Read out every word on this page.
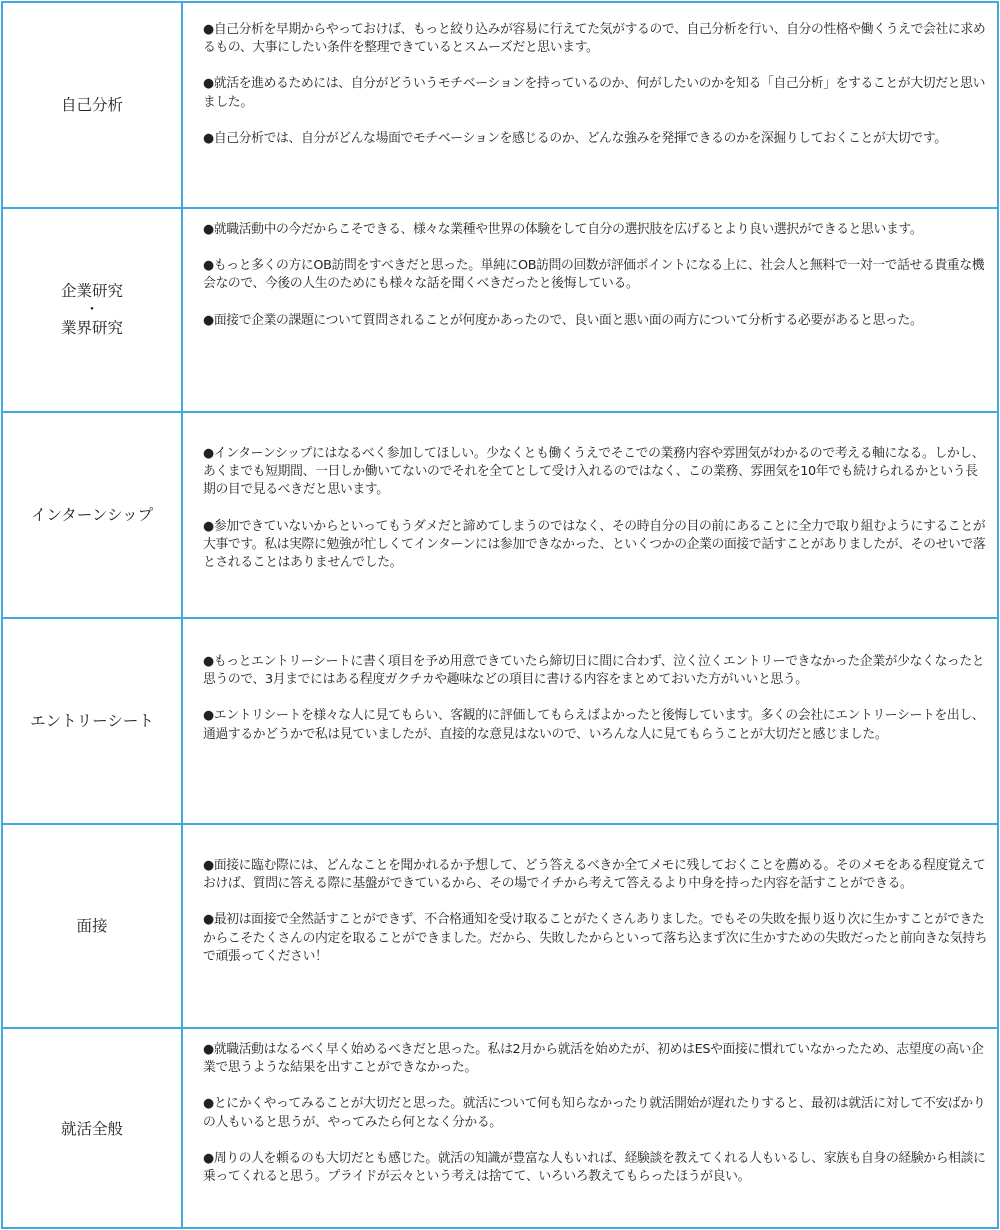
自己分析

●自己分析を早期からやっておけば、もっと絞り込みが容易に行えてた気がするので、自己分析を行い、自分の性格や働くうえで会社に求めるもの、大事にしたい条件を整理できているとスムーズだと思います。

●就活を進めるためには、自分がどういうモチベーションを持っているのか、何がしたいのかを知る「自己分析」をすることが大切だと思いました。

●自己分析では、自分がどんな場面でモチベーションを感じるのか、どんな強みを発揮できるのかを深掘りしておくことが大切です。

企業研究
・
業界研究

●就職活動中の今だからこそできる、様々な業種や世界の体験をして自分の選択肢を広げるとより良い選択ができると思います。

●もっと多くの方にOB訪問をすべきだと思った。単純にOB訪問の回数が評価ポイントになる上に、社会人と無料で一対一で話せる貴重な機会なので、今後の人生のためにも様々な話を聞くべきだったと後悔している。

●面接で企業の課題について質問されることが何度かあったので、良い面と悪い面の両方について分析する必要があると思った。

インターンシップ

●インターンシップにはなるべく参加してほしい。少なくとも働くうえでそこでの業務内容や雰囲気がわかるので考える軸になる。しかし、あくまでも短期間、一日しか働いてないのでそれを全てとして受け入れるのではなく、この業務、雰囲気を10年でも続けられるかという長期の目で見るべきだと思います。

●参加できていないからといってもうダメだと諦めてしまうのではなく、その時自分の目の前にあることに全力で取り組むようにすることが大事です。私は実際に勉強が忙しくてインターンには参加できなかった、といくつかの企業の面接で話すことがありましたが、そのせいで落とされることはありませんでした。

エントリーシート

●もっとエントリーシートに書く項目を予め用意できていたら締切日に間に合わず、泣く泣くエントリーできなかった企業が少なくなったと思うので、3月までにはある程度ガクチカや趣味などの項目に書ける内容をまとめておいた方がいいと思う。

●エントリシートを様々な人に見てもらい、客観的に評価してもらえばよかったと後悔しています。多くの会社にエントリーシートを出し、通過するかどうかで私は見ていましたが、直接的な意見はないので、いろんな人に見てもらうことが大切だと感じました。

面接

●面接に臨む際には、どんなことを聞かれるか予想して、どう答えるべきか全てメモに残しておくことを薦める。そのメモをある程度覚えておけば、質問に答える際に基盤ができているから、その場でイチから考えて答えるより中身を持った内容を話すことができる。

●最初は面接で全然話すことができず、不合格通知を受け取ることがたくさんありました。でもその失敗を振り返り次に生かすことができたからこそたくさんの内定を取ることができました。だから、失敗したからといって落ち込まず次に生かすための失敗だったと前向きな気持ちで頑張ってください！

就活全般

●就職活動はなるべく早く始めるべきだと思った。私は2月から就活を始めたが、初めはESや面接に慣れていなかったため、志望度の高い企業で思うような結果を出すことができなかった。

●とにかくやってみることが大切だと思った。就活について何も知らなかったり就活開始が遅れたりすると、最初は就活に対して不安ばかりの人もいると思うが、やってみたら何となく分かる。

●周りの人を頼るのも大切だとも感じた。就活の知識が豊富な人もいれば、経験談を教えてくれる人もいるし、家族も自身の経験から相談に乗ってくれると思う。プライドが云々という考えは捨てて、いろいろ教えてもらったほうが良い。
